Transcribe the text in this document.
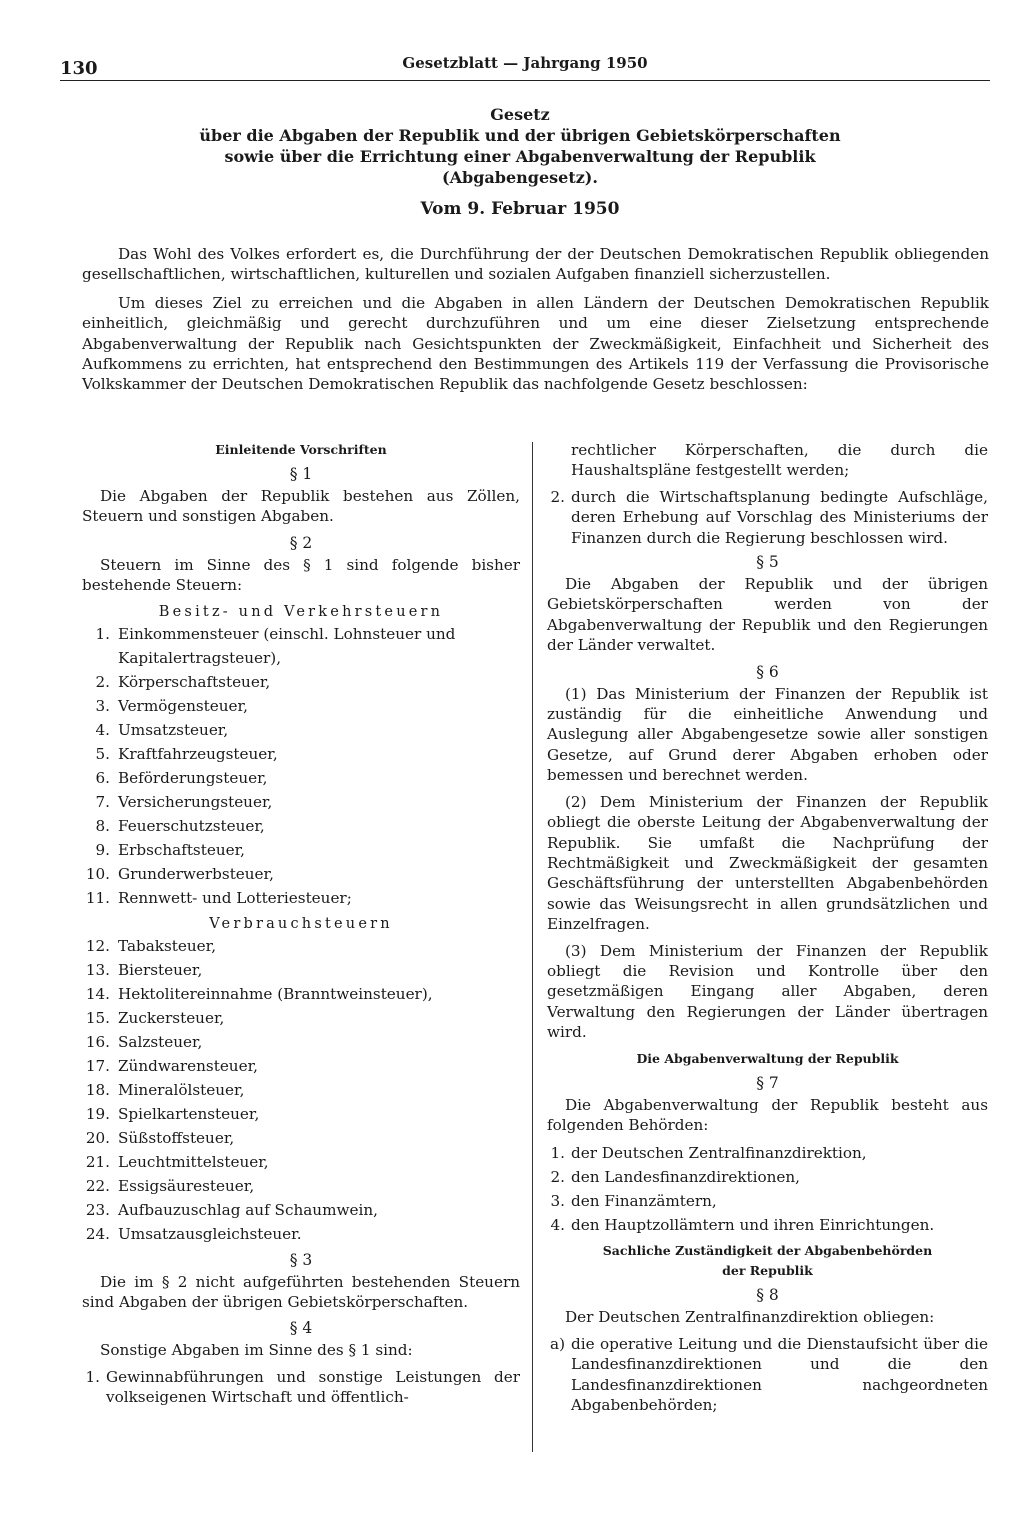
130	Gesetzblatt — Jahrgang 1950
Gesetz
über die Abgaben der Republik und der übrigen Gebietskörperschaften
sowie über die Errichtung einer Abgabenverwaltung der Republik
(Abgabengesetz).
Vom 9. Februar 1950

Das Wohl des Volkes erfordert es, die Durchführung der der Deutschen Demokratischen Republik obliegenden gesellschaftlichen, wirtschaftlichen, kulturellen und sozialen Aufgaben finanziell sicherzustellen.

Um dieses Ziel zu erreichen und die Abgaben in allen Ländern der Deutschen Demokratischen Republik einheitlich, gleichmäßig und gerecht durchzuführen und um eine dieser Zielsetzung entsprechende Abgabenverwaltung der Republik nach Gesichtspunkten der Zweckmäßigkeit, Einfachheit und Sicherheit des Aufkommens zu errichten, hat entsprechend den Bestimmungen des Artikels 119 der Verfassung die Provisorische Volkskammer der Deutschen Demokratischen Republik das nachfolgende Gesetz beschlossen:

Einleitende Vorschriften
§ 1

Die Abgaben der Republik bestehen aus Zöllen, Steuern und sonstigen Abgaben.

§ 2

Steuern im Sinne des § 1 sind folgende bisher bestehende Steuern:

Besitz- und Verkehrsteuern
1. Einkommensteuer (einschl. Lohnsteuer und Kapitalertragsteuer),
2. Körperschaftsteuer,
3. Vermögensteuer,
4. Umsatzsteuer,
5. Kraftfahrzeugsteuer,
6. Beförderungsteuer,
7. Versicherungsteuer,
8. Feuerschutzsteuer,
9. Erbschaftsteuer,
10. Grunderwerbsteuer,
11. Rennwett- und Lotteriesteuer;
Verbrauchsteuern
12. Tabaksteuer,
13. Biersteuer,
14. Hektolitereinnahme (Branntweinsteuer),
15. Zuckersteuer,
16. Salzsteuer,
17. Zündwarensteuer,
18. Mineralölsteuer,
19. Spielkartensteuer,
20. Süßstoffsteuer,
21. Leuchtmittelsteuer,
22. Essigsäuresteuer,
23. Aufbauzuschlag auf Schaumwein,
24. Umsatzausgleichsteuer.
§ 3

Die im § 2 nicht aufgeführten bestehenden Steuern sind Abgaben der übrigen Gebietskörperschaften.

§ 4

Sonstige Abgaben im Sinne des § 1 sind:

1. Gewinnabführungen und sonstige Leistungen der volkseigenen Wirtschaft und öffentlich-

rechtlicher Körperschaften, die durch die Haushaltspläne festgestellt werden;

2. durch die Wirtschaftsplanung bedingte Aufschläge, deren Erhebung auf Vorschlag des Ministeriums der Finanzen durch die Regierung beschlossen wird.
§ 5

Die Abgaben der Republik und der übrigen Gebietskörperschaften werden von der Abgabenverwaltung der Republik und den Regierungen der Länder verwaltet.

§ 6

(1) Das Ministerium der Finanzen der Republik ist zuständig für die einheitliche Anwendung und Auslegung aller Abgabengesetze sowie aller sonstigen Gesetze, auf Grund derer Abgaben erhoben oder bemessen und berechnet werden.

(2) Dem Ministerium der Finanzen der Republik obliegt die oberste Leitung der Abgabenverwaltung der Republik. Sie umfaßt die Nachprüfung der Rechtmäßigkeit und Zweckmäßigkeit der gesamten Geschäftsführung der unterstellten Abgabenbehörden sowie das Weisungsrecht in allen grundsätzlichen und Einzelfragen.

(3) Dem Ministerium der Finanzen der Republik obliegt die Revision und Kontrolle über den gesetzmäßigen Eingang aller Abgaben, deren Verwaltung den Regierungen der Länder übertragen wird.

Die Abgabenverwaltung der Republik
§ 7

Die Abgabenverwaltung der Republik besteht aus folgenden Behörden:

1. der Deutschen Zentralfinanzdirektion,
2. den Landesfinanzdirektionen,
3. den Finanzämtern,
4. den Hauptzollämtern und ihren Einrichtungen.
Sachliche Zuständigkeit der Abgabenbehörden
der Republik
§ 8

Der Deutschen Zentralfinanzdirektion obliegen:

a) die operative Leitung und die Dienstaufsicht über die Landesfinanzdirektionen und die den Landesfinanzdirektionen nachgeordneten Abgabenbehörden;
